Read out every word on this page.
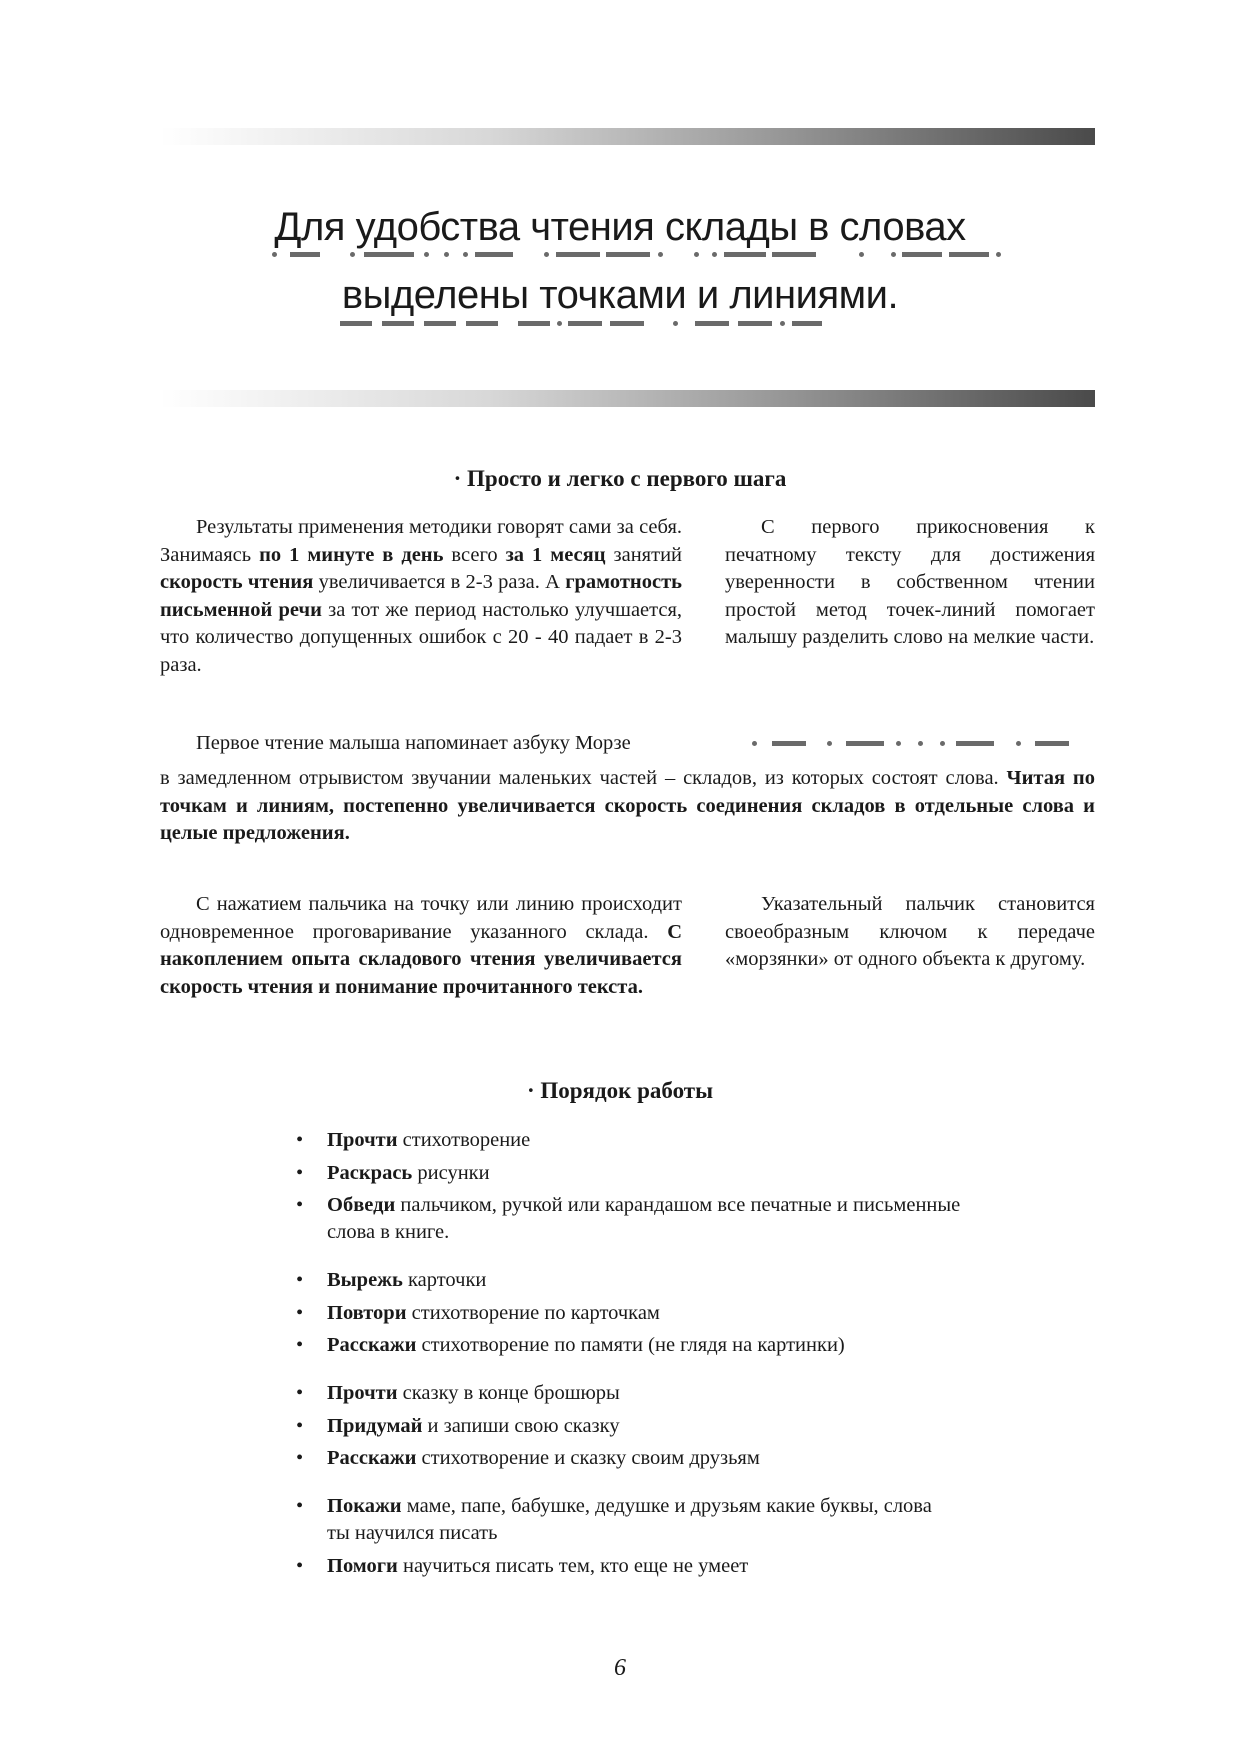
Для удобства чтения склады в словах
выделены точками и линиями.
· Просто и легко с первого шага

Результаты применения методики говорят сами за себя. Занимаясь по 1 минуте в день всего за 1 месяц занятий скорость чтения увеличивается в 2-3 раза. А грамотность письменной речи за тот же период настолько улучшается, что количество допущенных ошибок с 20 - 40 падает в 2-3 раза.

С первого прикосновения к печатному тексту для достижения уверенности в собственном чтении простой метод точек-линий помогает малышу разделить слово на мелкие части.

Первое чтение малыша напоминает азбуку Морзе

в замедленном отрывистом звучании маленьких частей – складов, из которых состоят слова. Читая по точкам и линиям, постепенно увеличивается скорость соединения складов в отдельные слова и целые предложения.

С нажатием пальчика на точку или линию происходит одновременное проговаривание указанного склада. С накоплением опыта складового чтения увеличивается скорость чтения и понимание прочитанного текста.

Указательный пальчик становится своеобразным ключом к передаче «морзянки» от одного объекта к другому.

· Порядок работы
• Прочти стихотворение
• Раскрась рисунки
• Обведи пальчиком, ручкой или карандашом все печатные и письменные слова в книге.
• Вырежь карточки
• Повтори стихотворение по карточкам
• Расскажи стихотворение по памяти (не глядя на картинки)
• Прочти сказку в конце брошюры
• Придумай и запиши свою сказку
• Расскажи стихотворение и сказку своим друзьям
• Покажи маме, папе, бабушке, дедушке и друзьям какие буквы, слова ты научился писать
• Помоги научиться писать тем, кто еще не умеет
6
